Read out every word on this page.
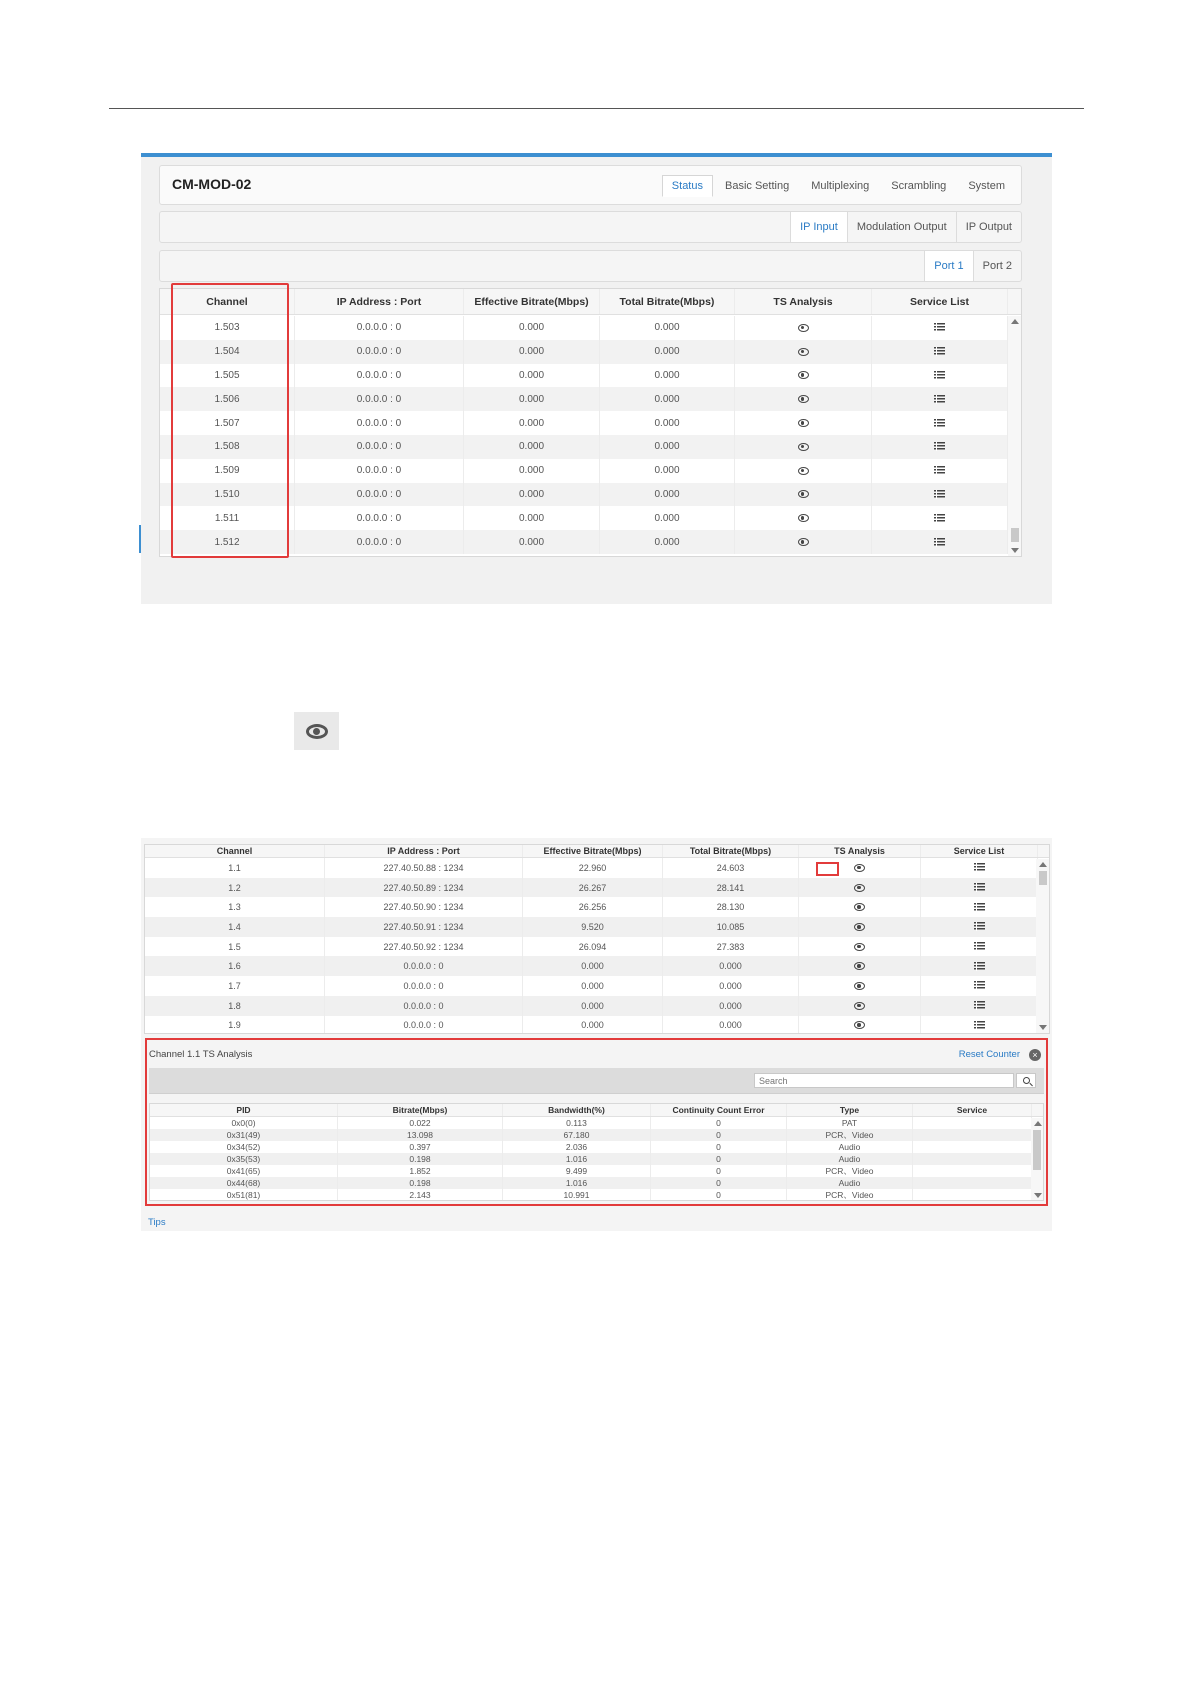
CM-MOD-02	Status	Basic Setting	Multiplexing	Scrambling	System
IP Input	Modulation Output	IP Output
Port 1	Port 2
Channel	IP Address : Port	Effective Bitrate(Mbps)	Total Bitrate(Mbps)	TS Analysis	Service List
1.503	0.0.0.0 : 0	0.000	0.000
1.504	0.0.0.0 : 0	0.000	0.000
1.505	0.0.0.0 : 0	0.000	0.000
1.506	0.0.0.0 : 0	0.000	0.000
1.507	0.0.0.0 : 0	0.000	0.000
1.508	0.0.0.0 : 0	0.000	0.000
1.509	0.0.0.0 : 0	0.000	0.000
1.510	0.0.0.0 : 0	0.000	0.000
1.511	0.0.0.0 : 0	0.000	0.000
1.512	0.0.0.0 : 0	0.000	0.000
Channel	IP Address : Port	Effective Bitrate(Mbps)	Total Bitrate(Mbps)	TS Analysis	Service List
1.1	227.40.50.88 : 1234	22.960	24.603
1.2	227.40.50.89 : 1234	26.267	28.141
1.3	227.40.50.90 : 1234	26.256	28.130
1.4	227.40.50.91 : 1234	9.520	10.085
1.5	227.40.50.92 : 1234	26.094	27.383
1.6	0.0.0.0 : 0	0.000	0.000
1.7	0.0.0.0 : 0	0.000	0.000
1.8	0.0.0.0 : 0	0.000	0.000
1.9	0.0.0.0 : 0	0.000	0.000
Channel 1.1 TS Analysis	Reset Counter	×
Search
PID	Bitrate(Mbps)	Bandwidth(%)	Continuity Count Error	Type	Service
0x0(0)	0.022	0.113	0	PAT
0x31(49)	13.098	67.180	0	PCR、Video
0x34(52)	0.397	2.036	0	Audio
0x35(53)	0.198	1.016	0	Audio
0x41(65)	1.852	9.499	0	PCR、Video
0x44(68)	0.198	1.016	0	Audio
0x51(81)	2.143	10.991	0	PCR、Video
Tips
